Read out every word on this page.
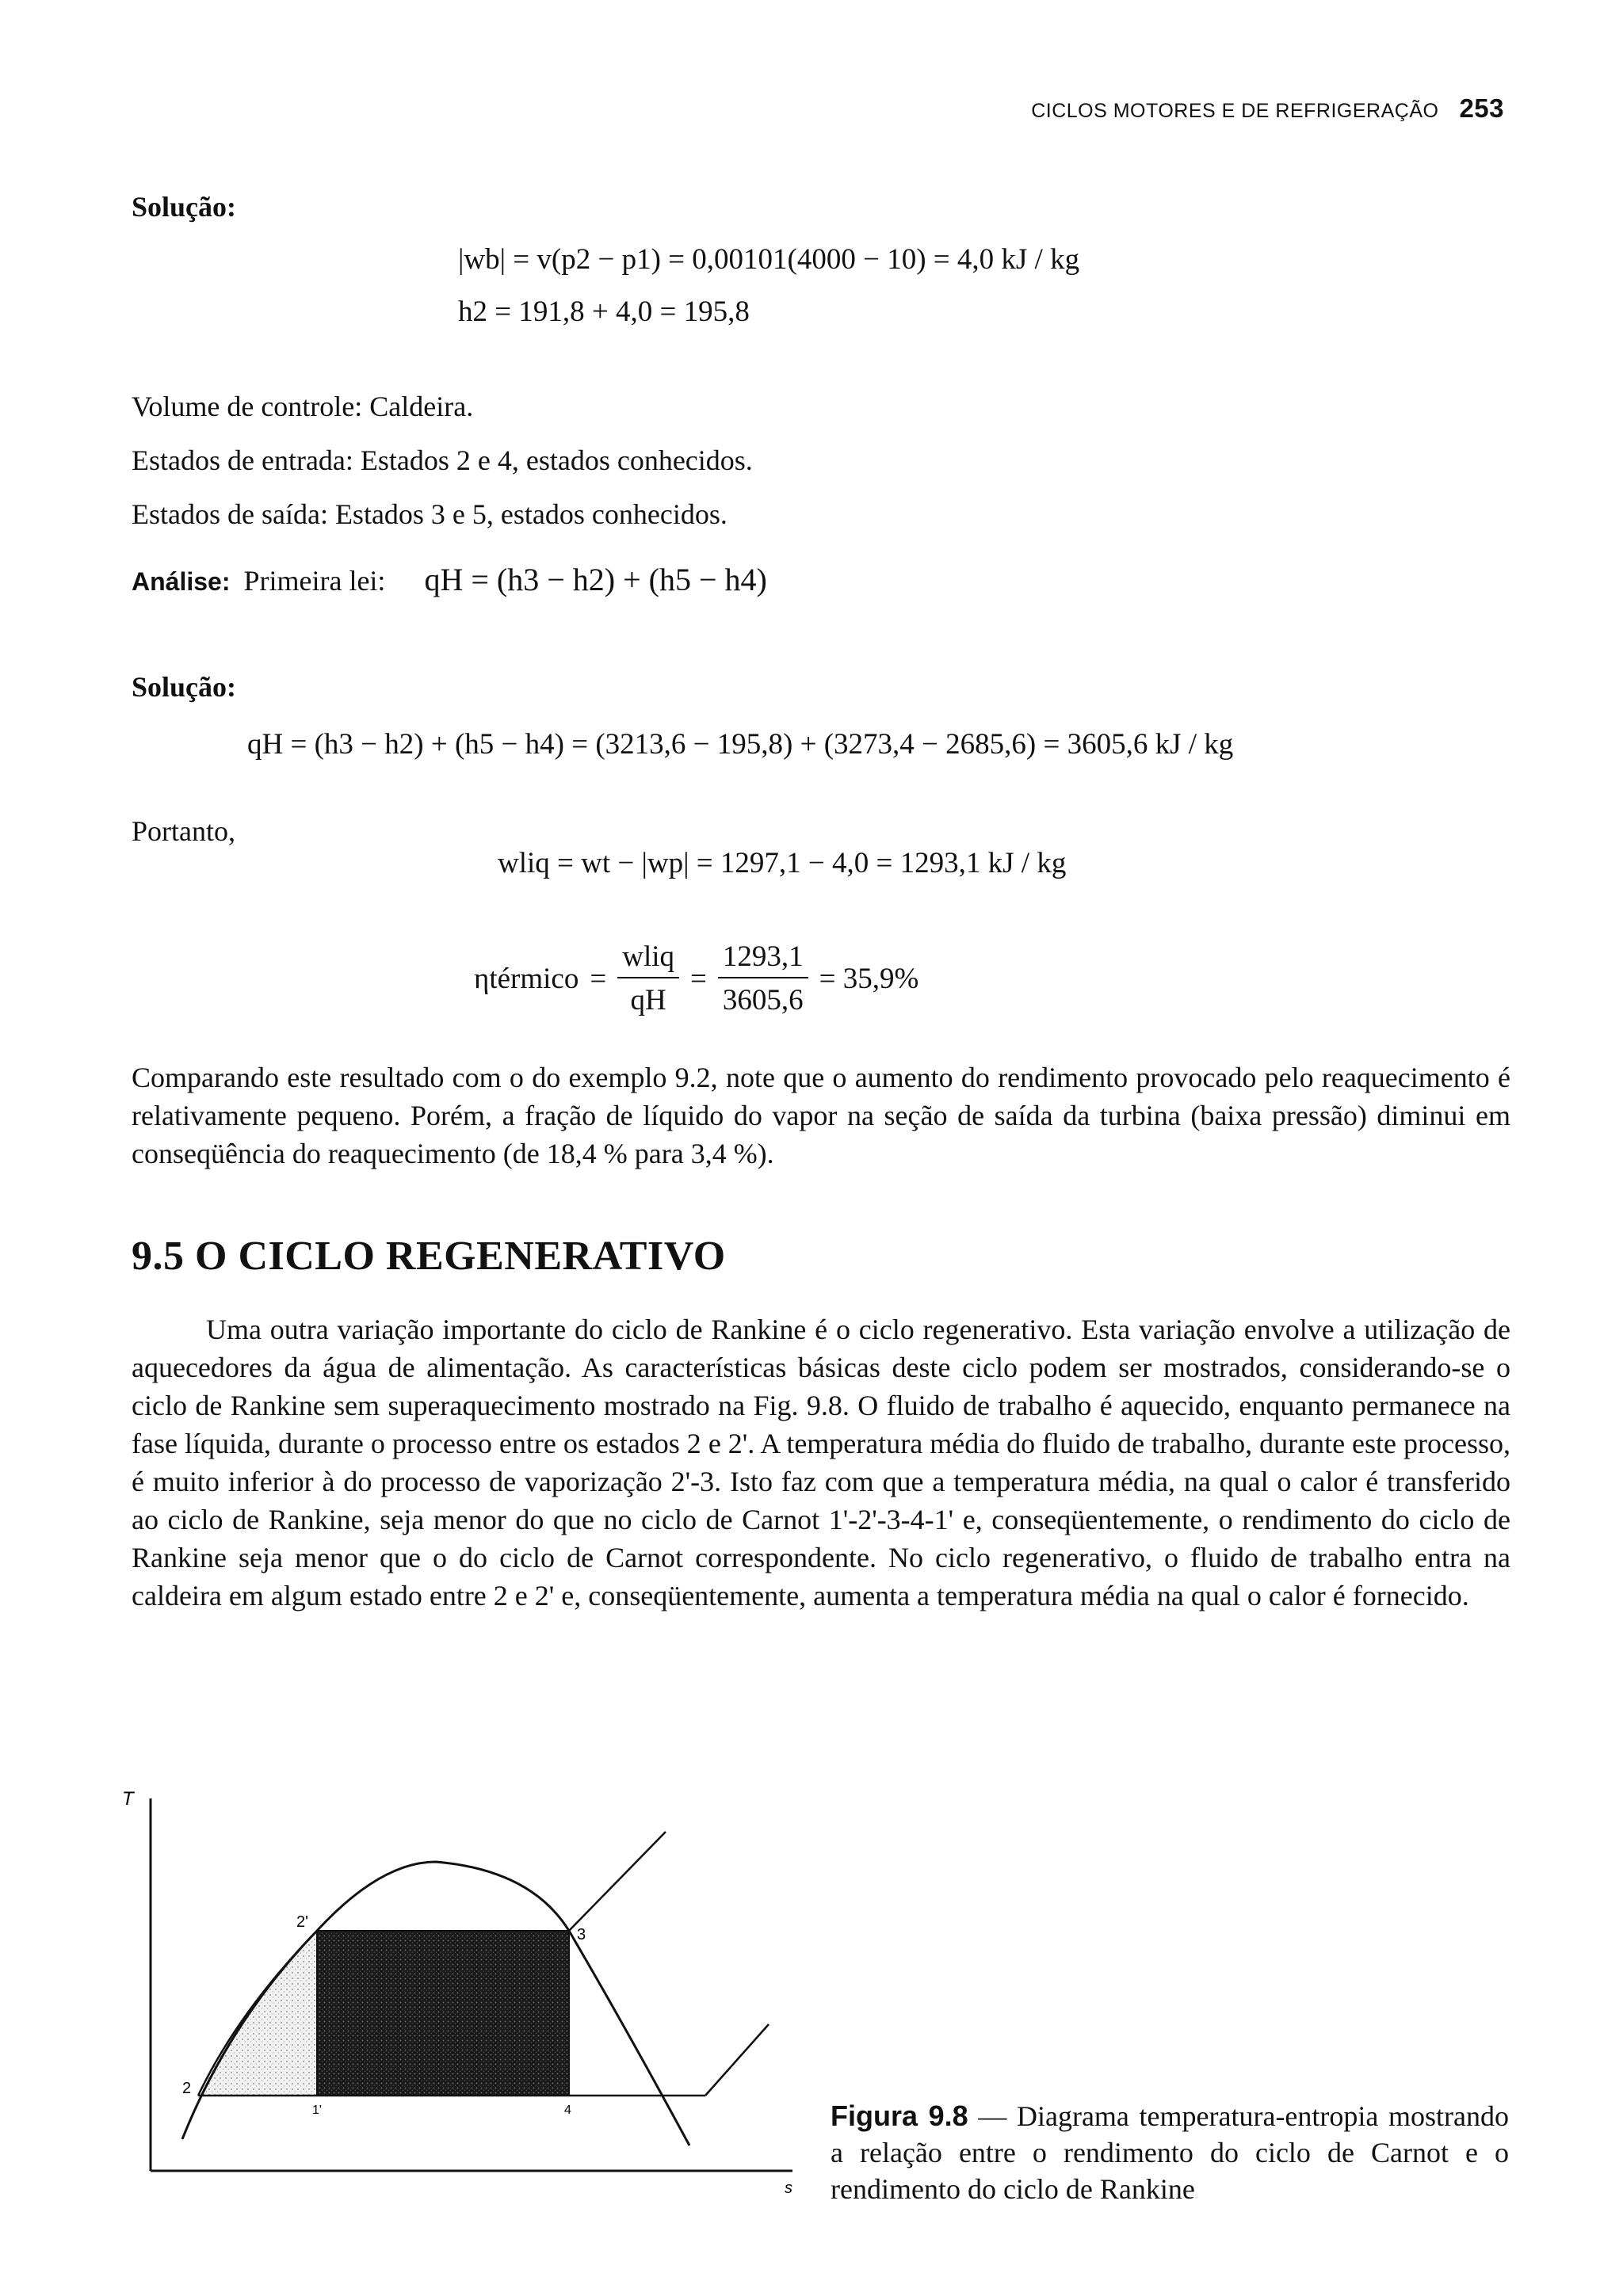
CICLOS MOTORES E DE REFRIGERAÇÃO 253
Solução:
|wb| = v(p2 − p1) = 0,00101(4000 − 10) = 4,0 kJ / kg
h2 = 191,8 + 4,0 = 195,8
Volume de controle: Caldeira.
Estados de entrada: Estados 2 e 4, estados conhecidos.
Estados de saída: Estados 3 e 5, estados conhecidos.
Análise: Primeira lei: qH = (h3 − h2) + (h5 − h4)
Solução:
qH = (h3 − h2) + (h5 − h4) = (3213,6 − 195,8) + (3273,4 − 2685,6) = 3605,6 kJ / kg
Portanto,
wliq = wt − |wp| = 1297,1 − 4,0 = 1293,1 kJ / kg
ηtérmico = $\frac{\text{wliq}}{qH} = \frac{1293,1}{3605,6} = 35,9\%$
Comparando este resultado com o do exemplo 9.2, note que o aumento do rendimento provocado pelo reaquecimento é relativamente pequeno. Porém, a fração de líquido do vapor na seção de saída da turbina (baixa pressão) diminui em conseqüência do reaquecimento (de 18,4 % para 3,4 %).
9.5 O CICLO REGENERATIVO
Uma outra variação importante do ciclo de Rankine é o ciclo regenerativo. Esta variação envolve a utilização de aquecedores da água de alimentação. As características básicas deste ciclo podem ser mostrados, considerando-se o ciclo de Rankine sem superaquecimento mostrado na Fig. 9.8. O fluido de trabalho é aquecido, enquanto permanece na fase líquida, durante o processo entre os estados 2 e 2'. A temperatura média do fluido de trabalho, durante este processo, é muito inferior à do processo de vaporização 2'-3. Isto faz com que a temperatura média, na qual o calor é transferido ao ciclo de Rankine, seja menor do que no ciclo de Carnot 1'-2'-3-4-1' e, conseqüentemente, o rendimento do ciclo de Rankine seja menor que o do ciclo de Carnot correspondente. No ciclo regenerativo, o fluido de trabalho entra na caldeira em algum estado entre 2 e 2' e, conseqüentemente, aumenta a temperatura média na qual o calor é fornecido.
T
s
2'
3
2
1'	4	Figura 9.8 — Diagrama temperatura-entropia mostrando a relação entre o rendimento do ciclo de Carnot e o rendimento do ciclo de Rankine
